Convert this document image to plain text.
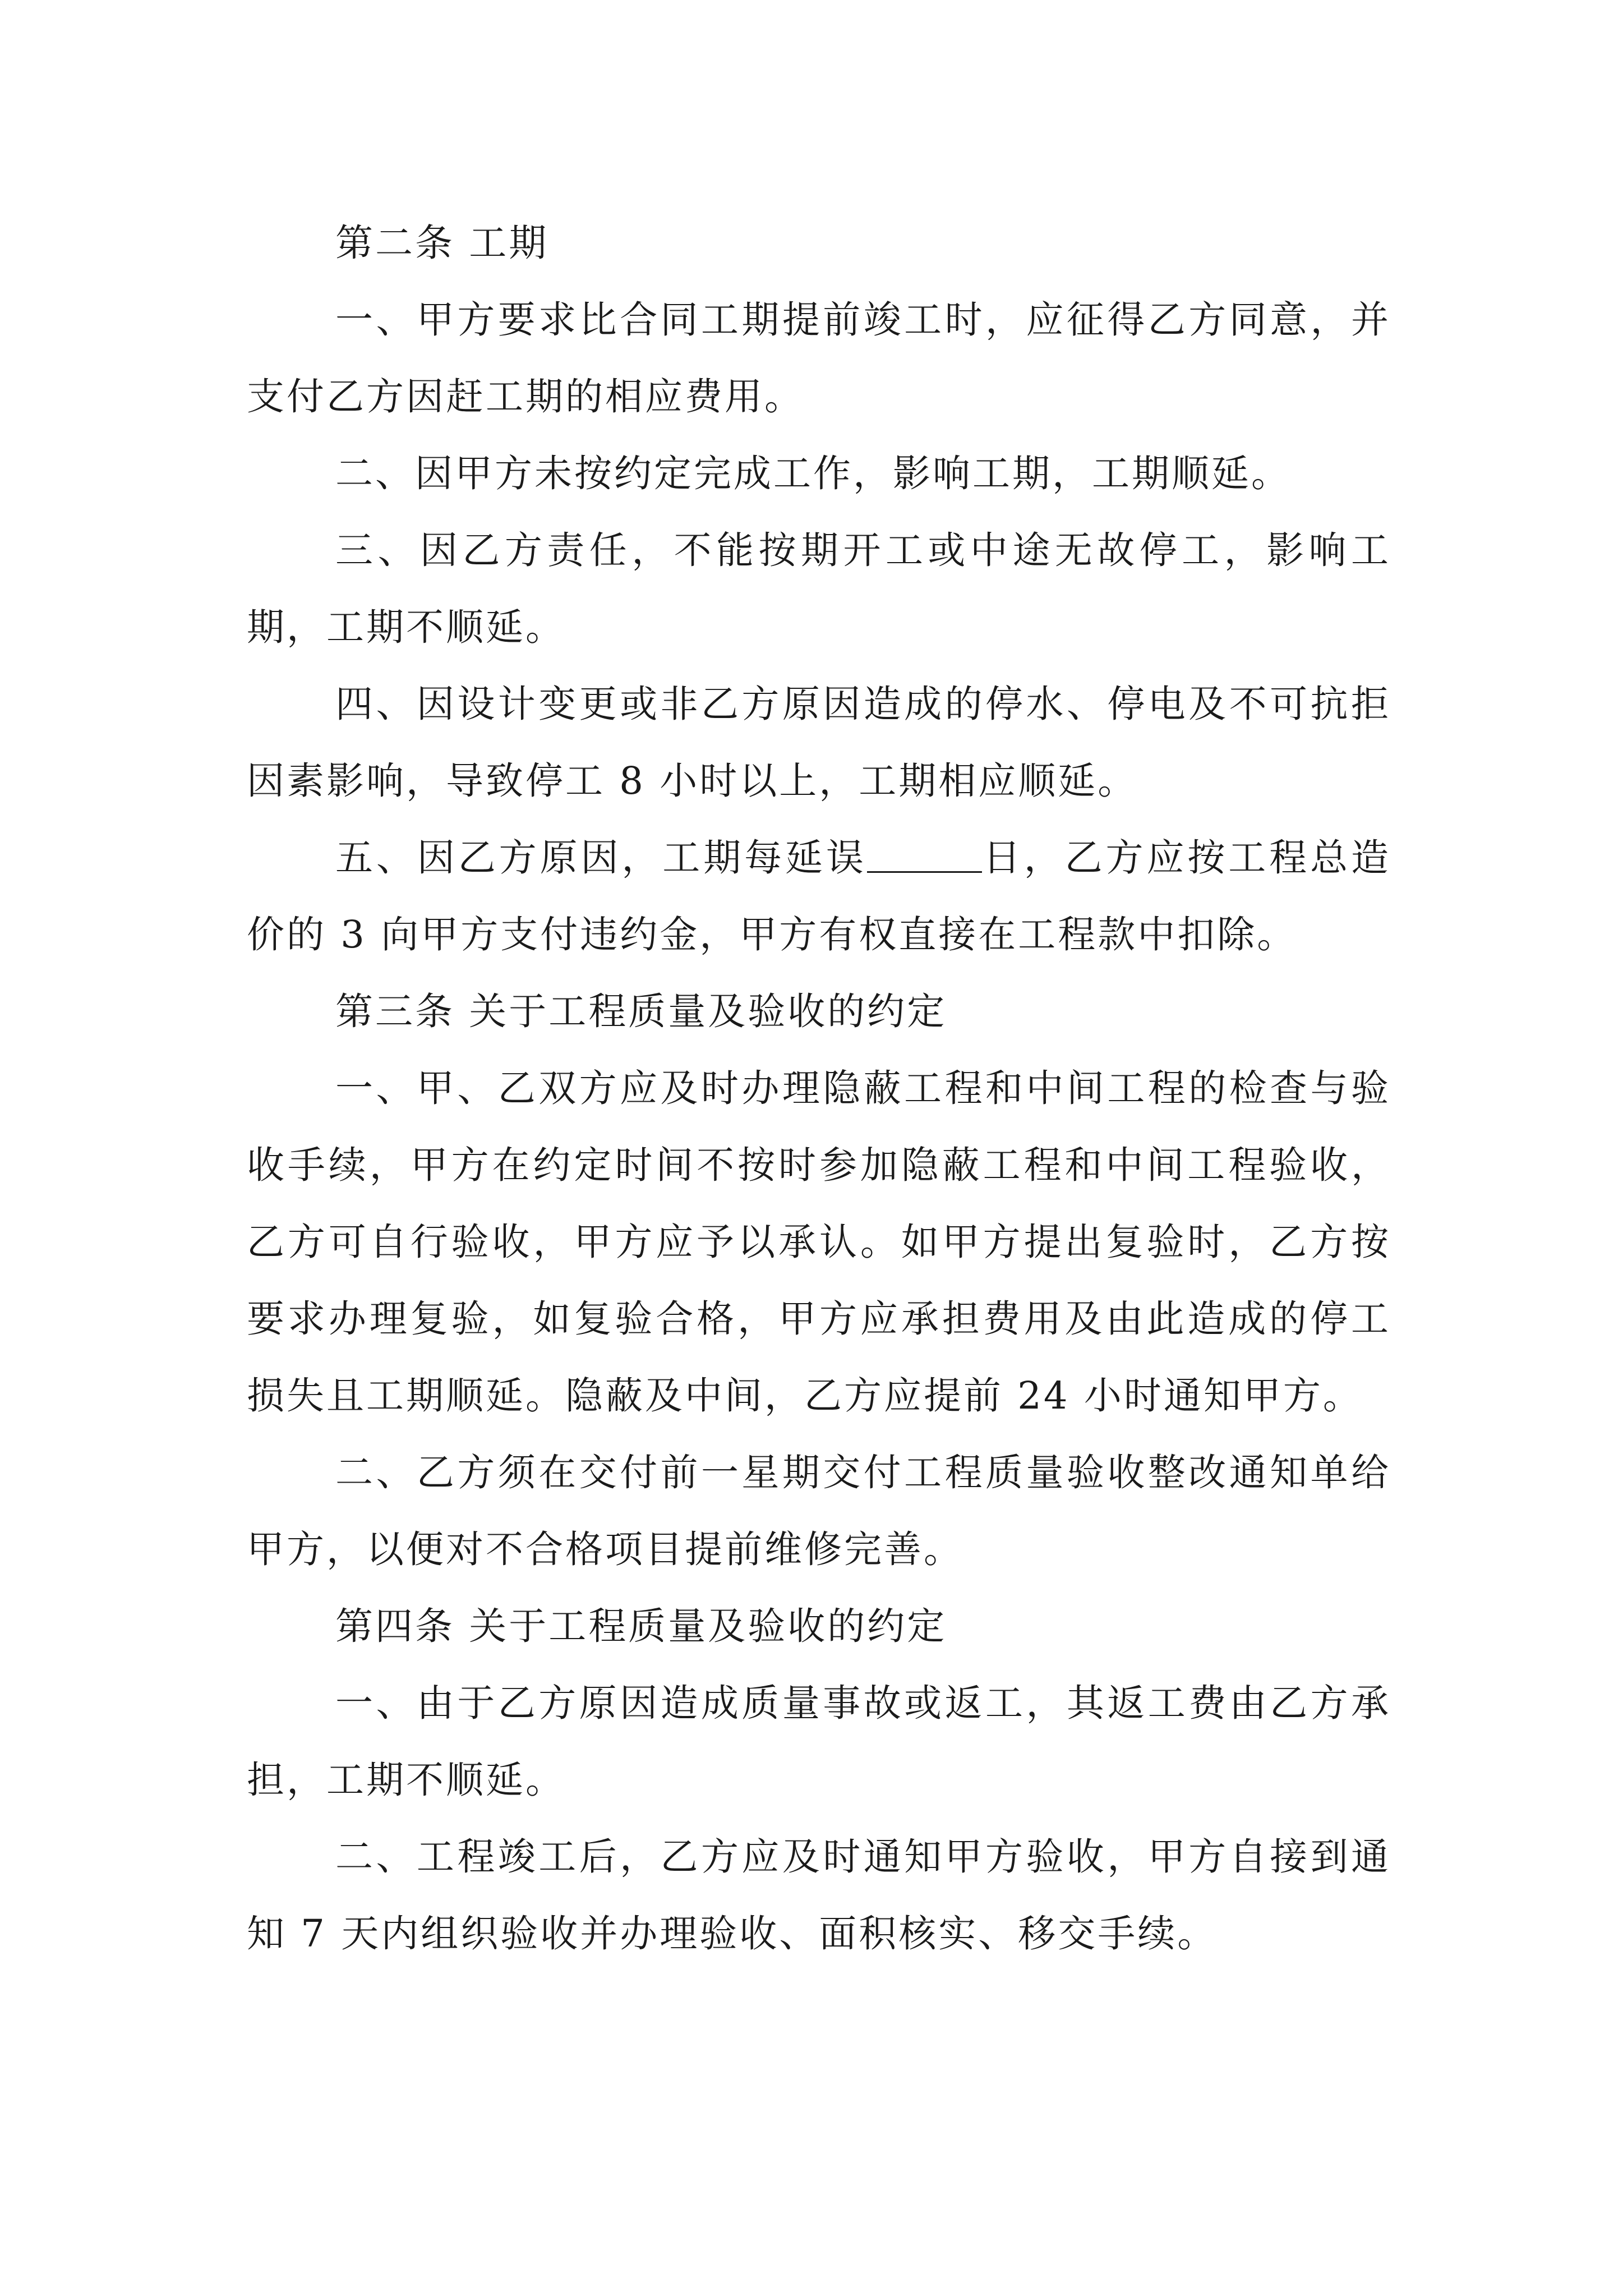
第二条 工期

一、甲方要求比合同工期提前竣工时，应征得乙方同意，并支付乙方因赶工期的相应费用。

二、因甲方未按约定完成工作，影响工期，工期顺延。

三、因乙方责任，不能按期开工或中途无故停工，影响工期，工期不顺延。

四、因设计变更或非乙方原因造成的停水、停电及不可抗拒因素影响，导致停工 8 小时以上，工期相应顺延。

五、因乙方原因，工期每延误	日，乙方应按工程总造价的 3 向甲方支付违约金，甲方有权直接在工程款中扣除。

第三条 关于工程质量及验收的约定

一、甲、乙双方应及时办理隐蔽工程和中间工程的检查与验收手续，甲方在约定时间不按时参加隐蔽工程和中间工程验收，乙方可自行验收，甲方应予以承认。如甲方提出复验时，乙方按要求办理复验，如复验合格，甲方应承担费用及由此造成的停工损失且工期顺延。隐蔽及中间，乙方应提前 24 小时通知甲方。

二、乙方须在交付前一星期交付工程质量验收整改通知单给甲方，以便对不合格项目提前维修完善。

第四条 关于工程质量及验收的约定

一、由于乙方原因造成质量事故或返工，其返工费由乙方承担，工期不顺延。

二、工程竣工后，乙方应及时通知甲方验收，甲方自接到通知 7 天内组织验收并办理验收、面积核实、移交手续。
